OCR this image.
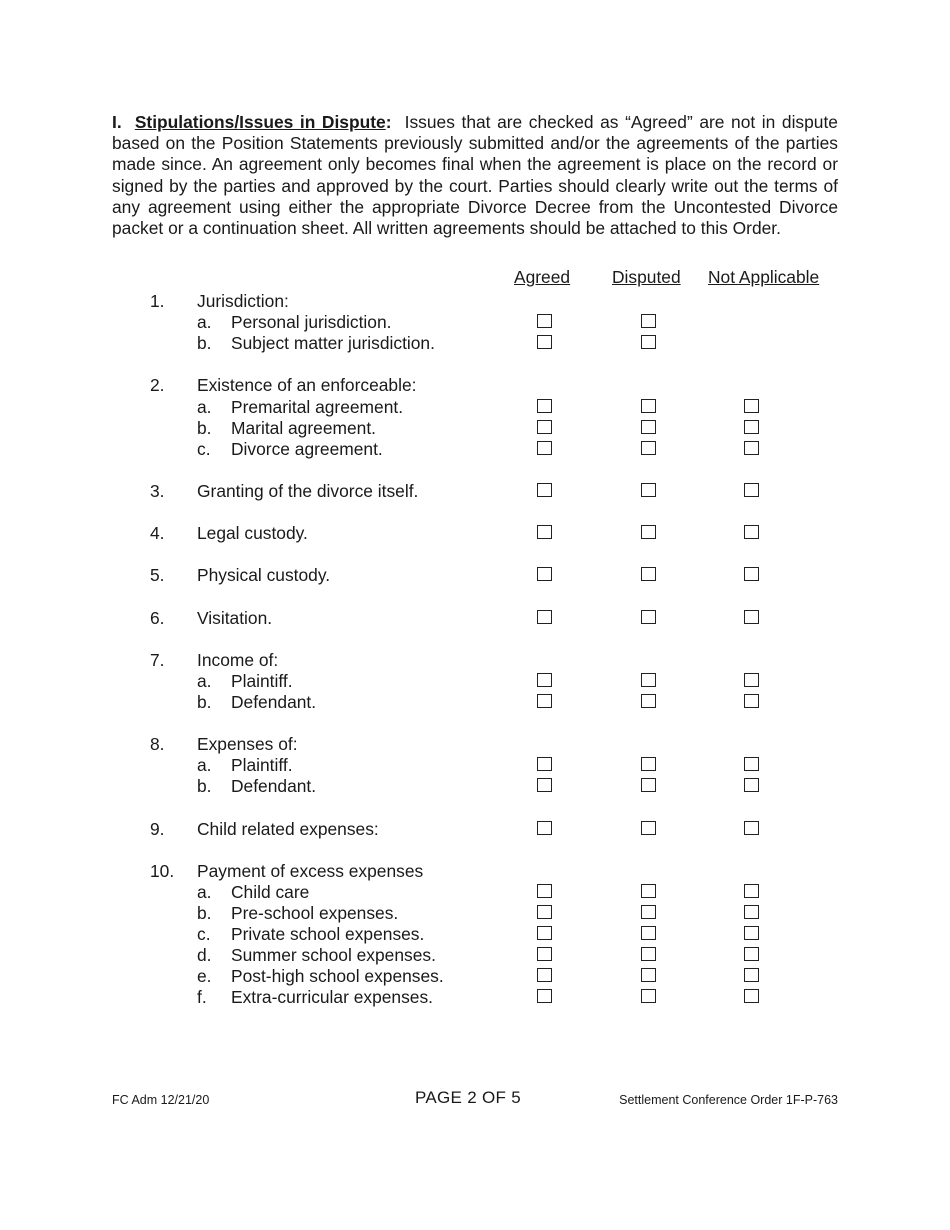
I. Stipulations/Issues in Dispute: Issues that are checked as “Agreed” are not in dispute based on the Position Statements previously submitted and/or the agreements of the parties made since. An agreement only becomes final when the agreement is place on the record or signed by the parties and approved by the court. Parties should clearly write out the terms of any agreement using either the appropriate Divorce Decree from the Uncontested Divorce packet or a continuation sheet. All written agreements should be attached to this Order.

Agreed Disputed Not Applicable
1. Jurisdiction:
a. Personal jurisdiction.
b. Subject matter jurisdiction.
2. Existence of an enforceable:
a. Premarital agreement.
b. Marital agreement.
c. Divorce agreement.
3. Granting of the divorce itself.
4. Legal custody.
5. Physical custody.
6. Visitation.
7. Income of:
a. Plaintiff.
b. Defendant.
8. Expenses of:
a. Plaintiff.
b. Defendant.
9. Child related expenses:
10. Payment of excess expenses
a. Child care
b. Pre-school expenses.
c. Private school expenses.
d. Summer school expenses.
e. Post-high school expenses.
f. Extra-curricular expenses.
FC Adm 12/21/20	PAGE 2 OF 5	Settlement Conference Order 1F-P-763
